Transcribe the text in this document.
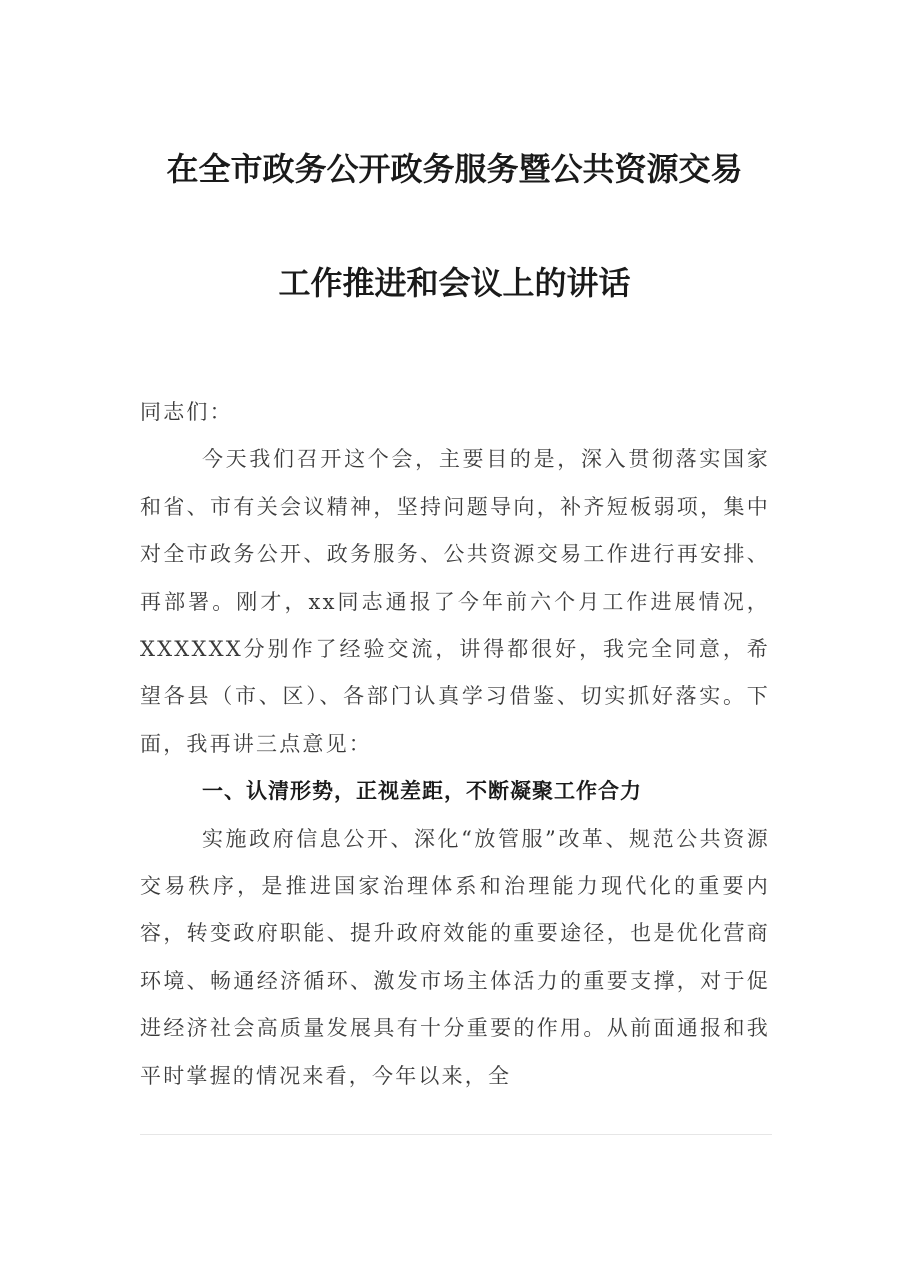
在全市政务公开政务服务暨公共资源交易
工作推进和会议上的讲话

同志们：

今天我们召开这个会，主要目的是，深入贯彻落实国家和省、市有关会议精神，坚持问题导向，补齐短板弱项，集中对全市政务公开、政务服务、公共资源交易工作进行再安排、再部署。刚才，xx同志通报了今年前六个月工作进展情况，XXXXXX分别作了经验交流，讲得都很好，我完全同意，希望各县（市、区）、各部门认真学习借鉴、切实抓好落实。下面，我再讲三点意见：

一、认清形势，正视差距，不断凝聚工作合力

实施政府信息公开、深化“放管服”改革、规范公共资源交易秩序，是推进国家治理体系和治理能力现代化的重要内容，转变政府职能、提升政府效能的重要途径，也是优化营商环境、畅通经济循环、激发市场主体活力的重要支撑，对于促进经济社会高质量发展具有十分重要的作用。从前面通报和我平时掌握的情况来看，今年以来，全
